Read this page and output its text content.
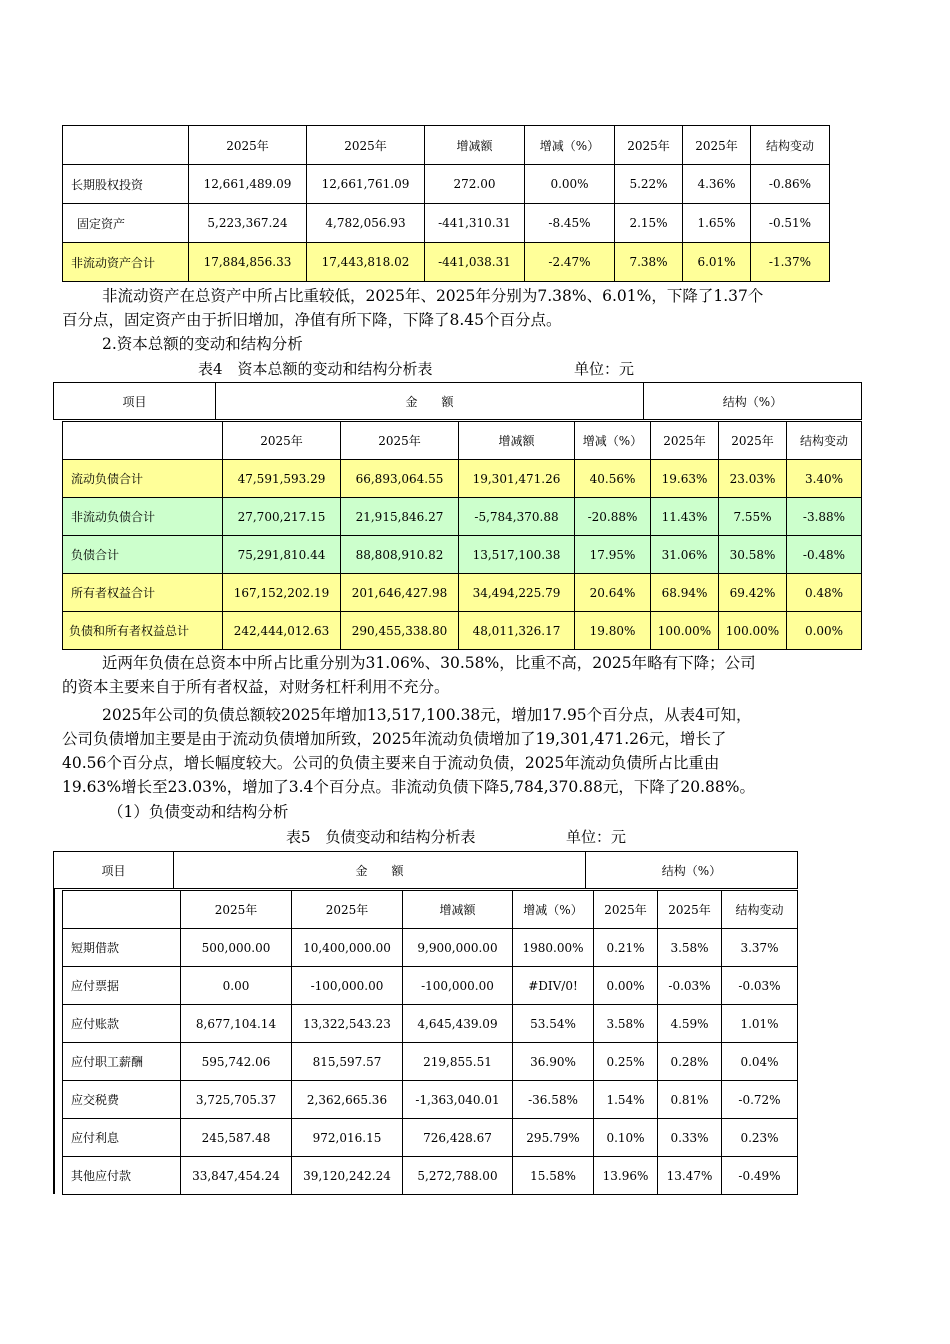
	2025年	2025年	增减额	增减（%）	2025年	2025年	结构变动
长期股权投资	12,661,489.09	12,661,761.09	272.00	0.00%	5.22%	4.36%	-0.86%
固定资产	5,223,367.24	4,782,056.93	-441,310.31	-8.45%	2.15%	1.65%	-0.51%
非流动资产合计	17,884,856.33	17,443,818.02	-441,038.31	-2.47%	7.38%	6.01%	-1.37%
非流动资产在总资产中所占比重较低，2025年、2025年分别为7.38%、6.01%，下降了1.37个
百分点，固定资产由于折旧增加，净值有所下降，下降了8.45个百分点。
2.资本总额的变动和结构分析
表4　资本总额的变动和结构分析表	单位：元
项目	金　　额	结构（%）
	2025年	2025年	增减额	增减（%）	2025年	2025年	结构变动
流动负债合计	47,591,593.29	66,893,064.55	19,301,471.26	40.56%	19.63%	23.03%	3.40%
非流动负债合计	27,700,217.15	21,915,846.27	-5,784,370.88	-20.88%	11.43%	7.55%	-3.88%
负债合计	75,291,810.44	88,808,910.82	13,517,100.38	17.95%	31.06%	30.58%	-0.48%
所有者权益合计	167,152,202.19	201,646,427.98	34,494,225.79	20.64%	68.94%	69.42%	0.48%
负债和所有者权益总计	242,444,012.63	290,455,338.80	48,011,326.17	19.80%	100.00%	100.00%	0.00%
近两年负债在总资本中所占比重分别为31.06%、30.58%，比重不高，2025年略有下降；公司
的资本主要来自于所有者权益，对财务杠杆利用不充分。
2025年公司的负债总额较2025年增加13,517,100.38元，增加17.95个百分点，从表4可知，
公司负债增加主要是由于流动负债增加所致，2025年流动负债增加了19,301,471.26元，增长了
40.56个百分点，增长幅度较大。公司的负债主要来自于流动负债，2025年流动负债所占比重由
19.63%增长至23.03%，增加了3.4个百分点。非流动负债下降5,784,370.88元，下降了20.88%。
（1）负债变动和结构分析
表5　负债变动和结构分析表	单位：元
项目	金　　额	结构（%）
	2025年	2025年	增减额	增减（%）	2025年	2025年	结构变动
短期借款	500,000.00	10,400,000.00	9,900,000.00	1980.00%	0.21%	3.58%	3.37%
应付票据	0.00	-100,000.00	-100,000.00	#DIV/0!	0.00%	-0.03%	-0.03%
应付账款	8,677,104.14	13,322,543.23	4,645,439.09	53.54%	3.58%	4.59%	1.01%
应付职工薪酬	595,742.06	815,597.57	219,855.51	36.90%	0.25%	0.28%	0.04%
应交税费	3,725,705.37	2,362,665.36	-1,363,040.01	-36.58%	1.54%	0.81%	-0.72%
应付利息	245,587.48	972,016.15	726,428.67	295.79%	0.10%	0.33%	0.23%
其他应付款	33,847,454.24	39,120,242.24	5,272,788.00	15.58%	13.96%	13.47%	-0.49%
